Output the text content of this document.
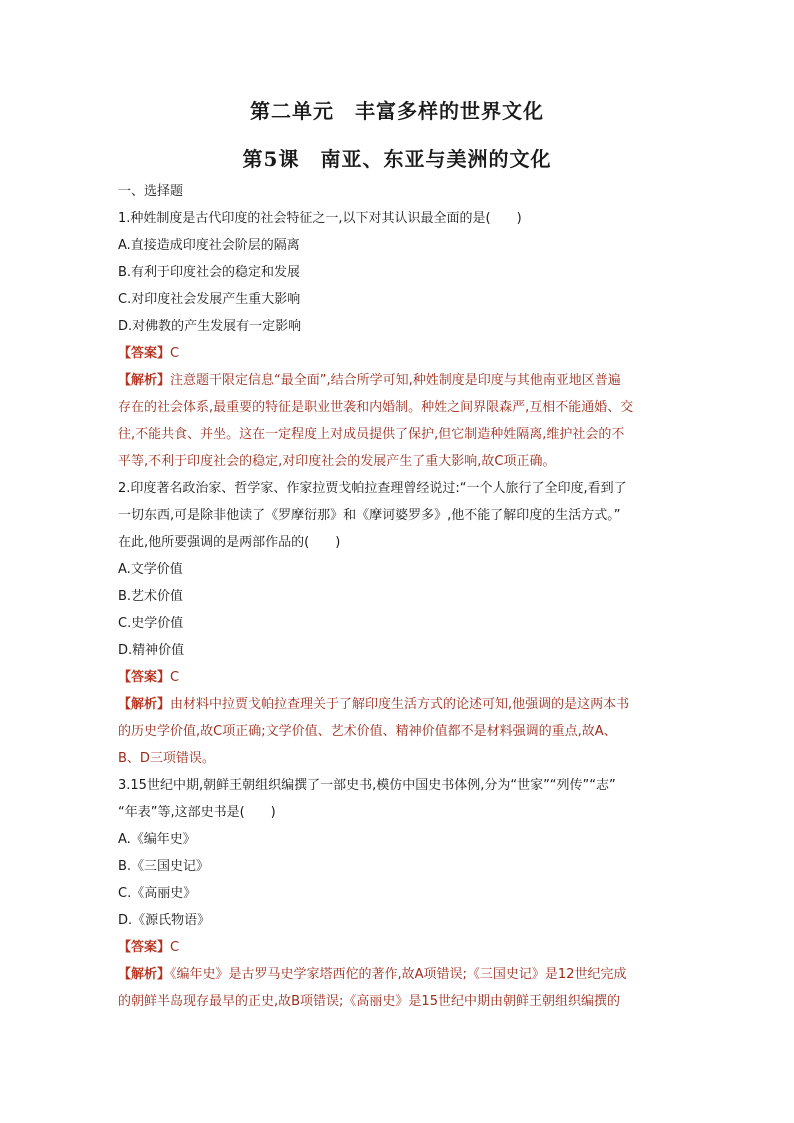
第二单元　丰富多样的世界文化
第5课　南亚、东亚与美洲的文化
一、选择题
1.种姓制度是古代印度的社会特征之一,以下对其认识最全面的是(　　)
A.直接造成印度社会阶层的隔离
B.有利于印度社会的稳定和发展
C.对印度社会发展产生重大影响
D.对佛教的产生发展有一定影响
【答案】C
【解析】注意题干限定信息“最全面”,结合所学可知,种姓制度是印度与其他南亚地区普遍
存在的社会体系,最重要的特征是职业世袭和内婚制。种姓之间界限森严,互相不能通婚、交
往,不能共食、并坐。这在一定程度上对成员提供了保护,但它制造种姓隔离,维护社会的不
平等,不利于印度社会的稳定,对印度社会的发展产生了重大影响,故C项正确。
2.印度著名政治家、哲学家、作家拉贾戈帕拉查理曾经说过:“一个人旅行了全印度,看到了
一切东西,可是除非他读了《罗摩衍那》和《摩诃婆罗多》,他不能了解印度的生活方式。”
在此,他所要强调的是两部作品的(　　)
A.文学价值
B.艺术价值
C.史学价值
D.精神价值
【答案】C
【解析】由材料中拉贾戈帕拉查理关于了解印度生活方式的论述可知,他强调的是这两本书
的历史学价值,故C项正确;文学价值、艺术价值、精神价值都不是材料强调的重点,故A、
B、D三项错误。
3.15世纪中期,朝鲜王朝组织编撰了一部史书,模仿中国史书体例,分为“世家”“列传”“志”
“年表”等,这部史书是(　　)
A.《编年史》
B.《三国史记》
C.《高丽史》
D.《源氏物语》
【答案】C
【解析】《编年史》是古罗马史学家塔西佗的著作,故A项错误;《三国史记》是12世纪完成
的朝鲜半岛现存最早的正史,故B项错误;《高丽史》是15世纪中期由朝鲜王朝组织编撰的
